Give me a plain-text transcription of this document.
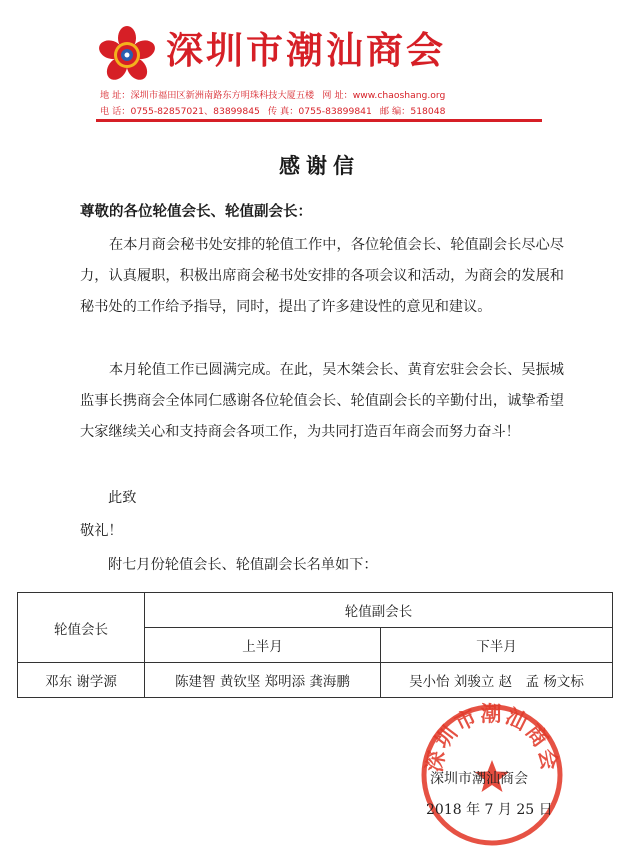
深圳市潮汕商会
地 址：深圳市福田区新洲南路东方明珠科技大厦五楼 网 址：www.chaoshang.org
电 话：0755-82857021、83899845 传 真：0755-83899841 邮 编：518048
感谢信
尊敬的各位轮值会长、轮值副会长：
在本月商会秘书处安排的轮值工作中，各位轮值会长、轮值副会长尽心尽力，认真履职，积极出席商会秘书处安排的各项会议和活动，为商会的发展和秘书处的工作给予指导，同时，提出了许多建设性的意见和建议。
本月轮值工作已圆满完成。在此，吴木桀会长、黄育宏驻会会长、吴振城监事长携商会全体同仁感谢各位轮值会长、轮值副会长的辛勤付出，诚挚希望大家继续关心和支持商会各项工作，为共同打造百年商会而努力奋斗！
此致
敬礼！
附七月份轮值会长、轮值副会长名单如下：
轮值会长	轮值副会长	
	上半月	下半月
邓东 谢学源	陈建智 黄钦坚 郑明添 龚海鹏	吴小怡 刘骏立 赵　孟 杨文标
深圳市潮汕商会
深圳市潮汕商会
2018 年 7 月 25 日
